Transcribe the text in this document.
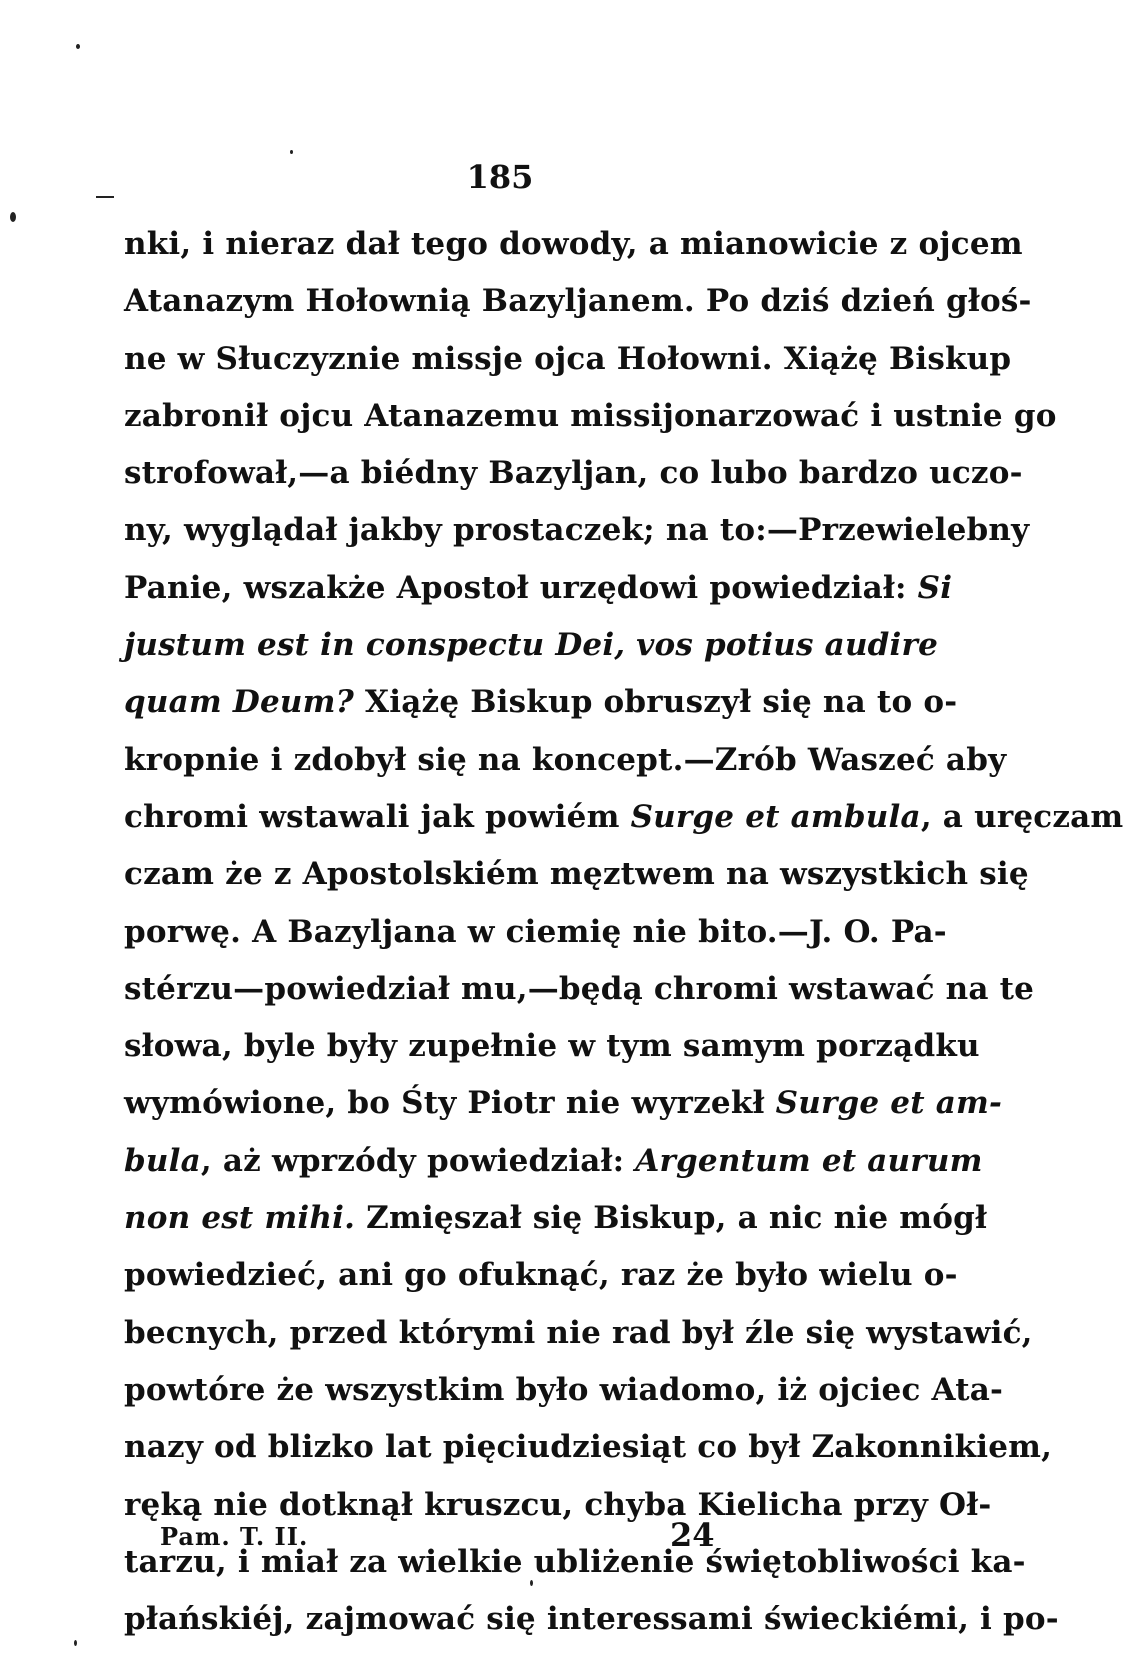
185
nki, i nieraz dał tego dowody, a mianowicie z ojcem
Atanazym Hołownią Bazyljanem. Po dziś dzień głoś-
ne w Słuczyznie missje ojca Hołowni. Xiążę Biskup
zabronił ojcu Atanazemu missijonarzować i ustnie go
strofował,—a biédny Bazyljan, co lubo bardzo uczo-
ny, wyglądał jakby prostaczek; na to:—Przewielebny
Panie, wszakże Apostoł urzędowi powiedział: Si
justum est in conspectu Dei, vos potius audire
quam Deum? Xiążę Biskup obruszył się na to o-
kropnie i zdobył się na koncept.—Zrób Waszeć aby
chromi wstawali jak powiém Surge et ambula, a uręczam
czam że z Apostolskiém męztwem na wszystkich się
porwę. A Bazyljana w ciemię nie bito.—J. O. Pa-
stérzu—powiedział mu,—będą chromi wstawać na te
słowa, byle były zupełnie w tym samym porządku
wymówione, bo Śty Piotr nie wyrzekł Surge et am-
bula, aż wprzódy powiedział: Argentum et aurum
non est mihi. Zmięszał się Biskup, a nic nie mógł
powiedzieć, ani go ofuknąć, raz że było wielu o-
becnych, przed którymi nie rad był źle się wystawić,
powtóre że wszystkim było wiadomo, iż ojciec Ata-
nazy od blizko lat pięciudziesiąt co był Zakonnikiem,
ręką nie dotknął kruszcu, chyba Kielicha przy Oł-
tarzu, i miał za wielkie ubliżenie świętobliwości ka-
płańskiéj, zajmować się interessami świeckiémi, i po-
Pam. T. II.	24
